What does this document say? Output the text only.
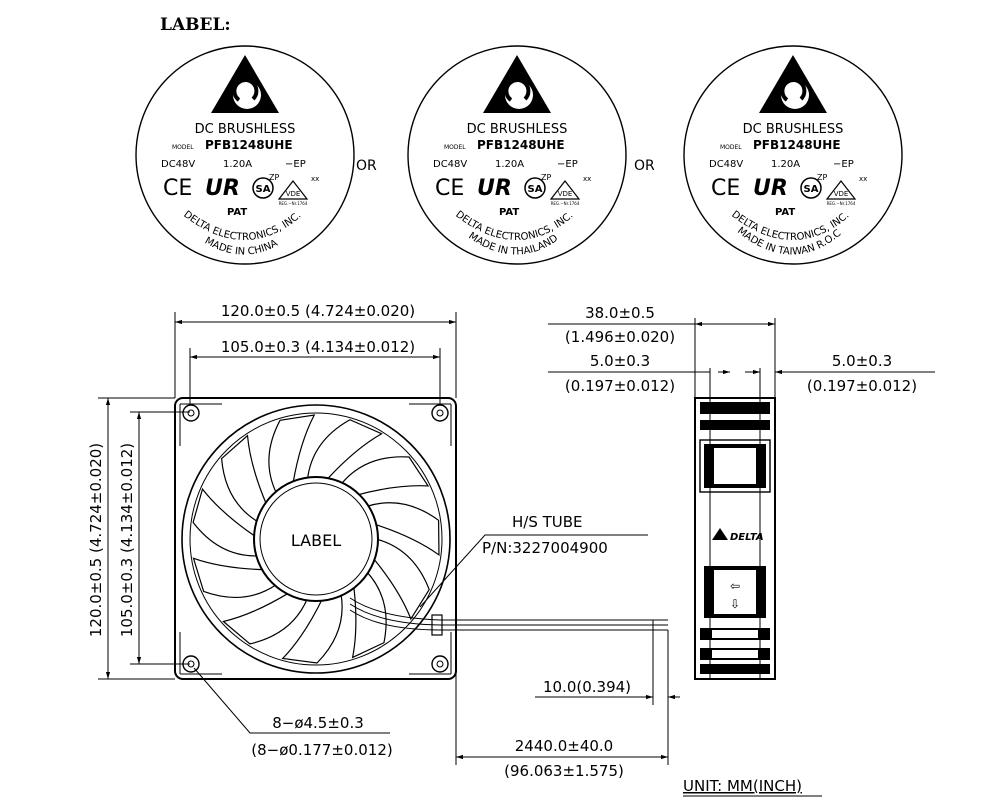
LABEL:
DC BRUSHLESS
MODEL PFB1248UHE
DC48V	1.20A	−EP
CE UR SA
ZP
VDE
REG.−Nr.1764
xx
PAT
DELTA ELECTRONICS, INC.
MADE IN CHINA
OR
DC BRUSHLESS
MODEL PFB1248UHE
DC48V	1.20A	−EP
CE UR SA
ZP
VDE
REG.−Nr.1764
xx
PAT
DELTA ELECTRONICS, INC.
MADE IN THAILAND
OR
DC BRUSHLESS
MODEL PFB1248UHE
DC48V	1.20A	−EP
CE UR SA
ZP
VDE
REG.−Nr.1764
xx
PAT
DELTA ELECTRONICS, INC.
MADE IN TAIWAN R.O.C
120.0±0.5 (4.724±0.020)
105.0±0.3 (4.134±0.012)
120.0±0.5 (4.724±0.020) 105.0±0.3 (4.134±0.012)	LABEL
8−ø4.5±0.3
(8−ø0.177±0.012)
H/S TUBE
P/N:3227004900
10.0(0.394)
2440.0±40.0
(96.063±1.575)
38.0±0.5
(1.496±0.020)
5.0±0.3
(0.197±0.012)
5.0±0.3
(0.197±0.012)
DELTA
⇦
⇩
UNIT: MM(INCH)
